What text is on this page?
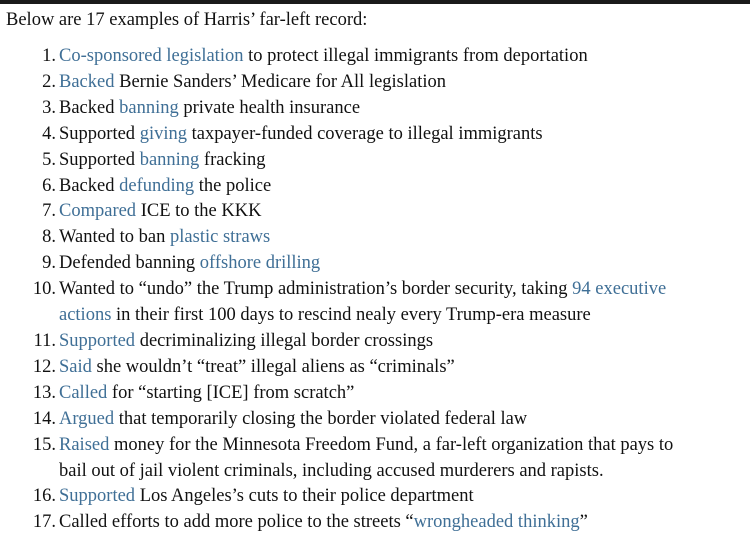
Below are 17 examples of Harris’ far-left record:
1. Co-sponsored legislation to protect illegal immigrants from deportation
2. Backed Bernie Sanders’ Medicare for All legislation
3. Backed banning private health insurance
4. Supported giving taxpayer-funded coverage to illegal immigrants
5. Supported banning fracking
6. Backed defunding the police
7. Compared ICE to the KKK
8. Wanted to ban plastic straws
9. Defended banning offshore drilling
10. Wanted to “undo” the Trump administration’s border security, taking 94 executive
actions in their first 100 days to rescind nealy every Trump-era measure
11. Supported decriminalizing illegal border crossings
12. Said she wouldn’t “treat” illegal aliens as “criminals”
13. Called for “starting [ICE] from scratch”
14. Argued that temporarily closing the border violated federal law
15. Raised money for the Minnesota Freedom Fund, a far-left organization that pays to
bail out of jail violent criminals, including accused murderers and rapists.
16. Supported Los Angeles’s cuts to their police department
17. Called efforts to add more police to the streets “wrongheaded thinking”
